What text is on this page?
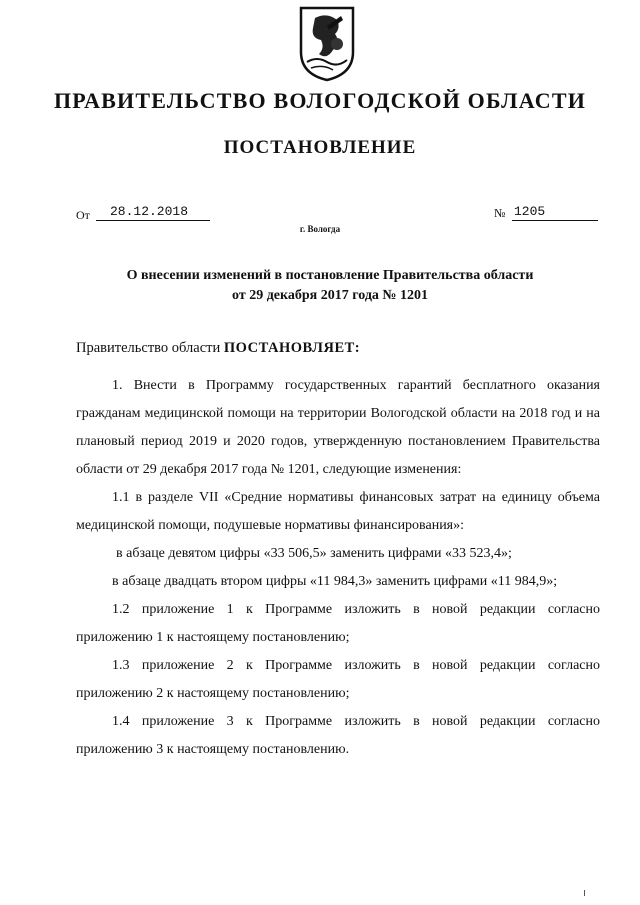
ПРАВИТЕЛЬСТВО ВОЛОГОДСКОЙ ОБЛАСТИ
ПОСТАНОВЛЕНИЕ
От	28.12.2018	№ 1205
г. Вологда
О внесении изменений в постановление Правительства области
от 29 декабря 2017 года № 1201
Правительство области ПОСТАНОВЛЯЕТ:

1. Внести в Программу государственных гарантий бесплатного оказания гражданам медицинской помощи на территории Вологодской области на 2018 год и на плановый период 2019 и 2020 годов, утвержденную постановлением Правительства области от 29 декабря 2017 года № 1201, следующие изменения:

1.1 в разделе VII «Средние нормативы финансовых затрат на единицу объема медицинской помощи, подушевые нормативы финансирования»:

в абзаце девятом цифры «33 506,5» заменить цифрами «33 523,4»;

в абзаце двадцать втором цифры «11 984,3» заменить цифрами «11 984,9»;

1.2 приложение 1 к Программе изложить в новой редакции согласно приложению 1 к настоящему постановлению;

1.3 приложение 2 к Программе изложить в новой редакции согласно приложению 2 к настоящему постановлению;

1.4 приложение 3 к Программе изложить в новой редакции согласно приложению 3 к настоящему постановлению.
